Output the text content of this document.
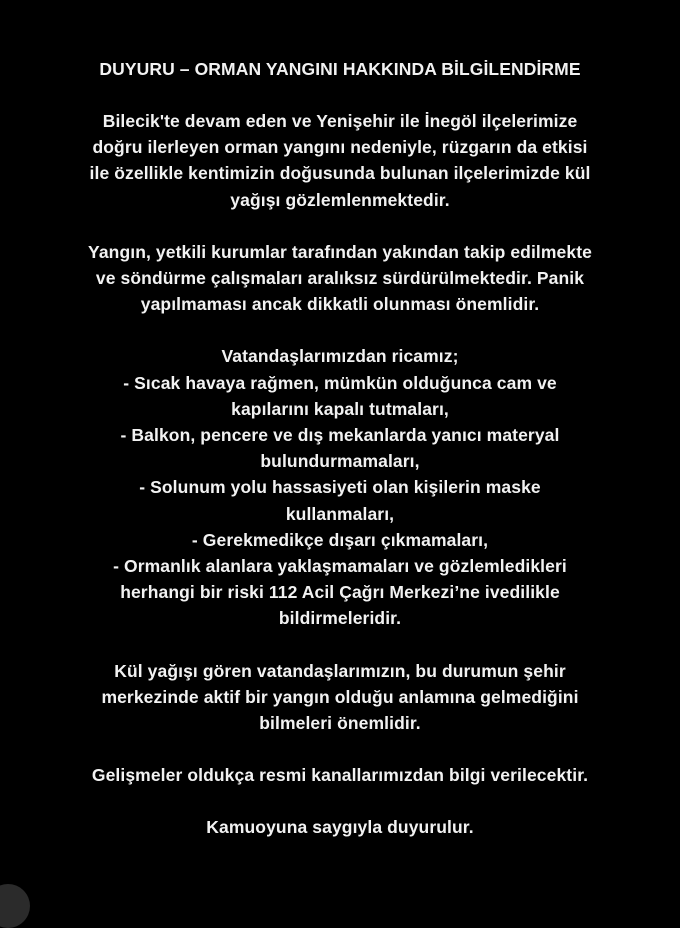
DUYURU – ORMAN YANGINI HAKKINDA BİLGİLENDİRME
Bilecik'te devam eden ve Yenişehir ile İnegöl ilçelerimize
doğru ilerleyen orman yangını nedeniyle, rüzgarın da etkisi
ile özellikle kentimizin doğusunda bulunan ilçelerimizde kül
yağışı gözlemlenmektedir.
Yangın, yetkili kurumlar tarafından yakından takip edilmekte
ve söndürme çalışmaları aralıksız sürdürülmektedir. Panik
yapılmaması ancak dikkatli olunması önemlidir.
Vatandaşlarımızdan ricamız;
- Sıcak havaya rağmen, mümkün olduğunca cam ve
kapılarını kapalı tutmaları,
- Balkon, pencere ve dış mekanlarda yanıcı materyal
bulundurmamaları,
- Solunum yolu hassasiyeti olan kişilerin maske
kullanmaları,
- Gerekmedikçe dışarı çıkmamaları,
- Ormanlık alanlara yaklaşmamaları ve gözlemledikleri
herhangi bir riski 112 Acil Çağrı Merkezi’ne ivedilikle
bildirmeleridir.
Kül yağışı gören vatandaşlarımızın, bu durumun şehir
merkezinde aktif bir yangın olduğu anlamına gelmediğini
bilmeleri önemlidir.
Gelişmeler oldukça resmi kanallarımızdan bilgi verilecektir.
Kamuoyuna saygıyla duyurulur.
